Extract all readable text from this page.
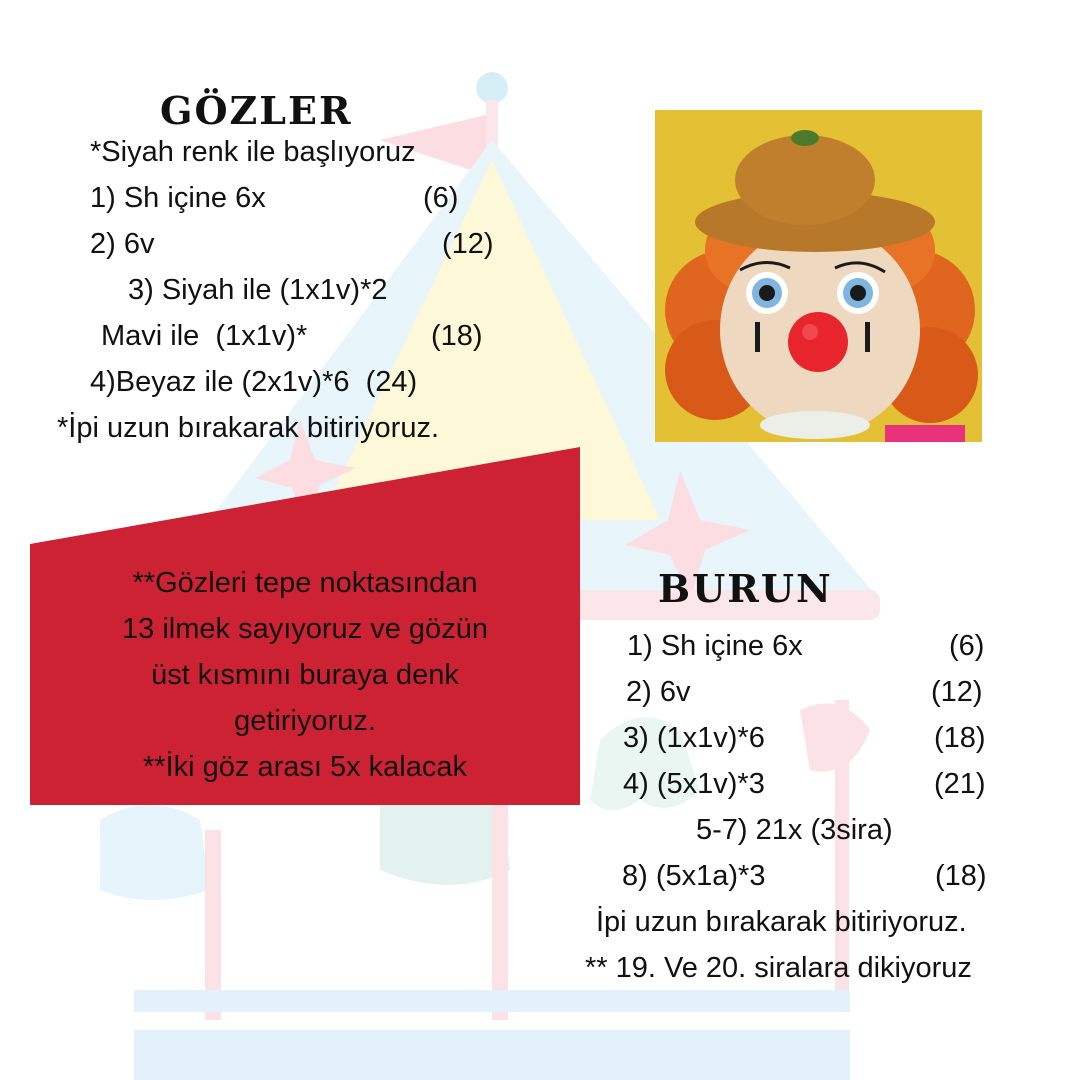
GÖZLER
*Siyah renk ile başlıyoruz
1) Sh içine 6x	(6)
2) 6v	(12)
3) Siyah ile (1x1v)*2
Mavi ile  (1x1v)*	(18)
4)Beyaz ile (2x1v)*6  (24)
*İpi uzun bırakarak bitiriyoruz.
**Gözleri tepe noktasından
13 ilmek sayıyoruz ve gözün
üst kısmını buraya denk
getiriyoruz.
**İki göz arası 5x kalacak
BURUN
1) Sh içine 6x	(6)
2) 6v	(12)
3) (1x1v)*6	(18)
4) (5x1v)*3	(21)
5-7) 21x (3sira)
8) (5x1a)*3	(18)
İpi uzun bırakarak bitiriyoruz.
** 19. Ve 20. siralara dikiyoruz
